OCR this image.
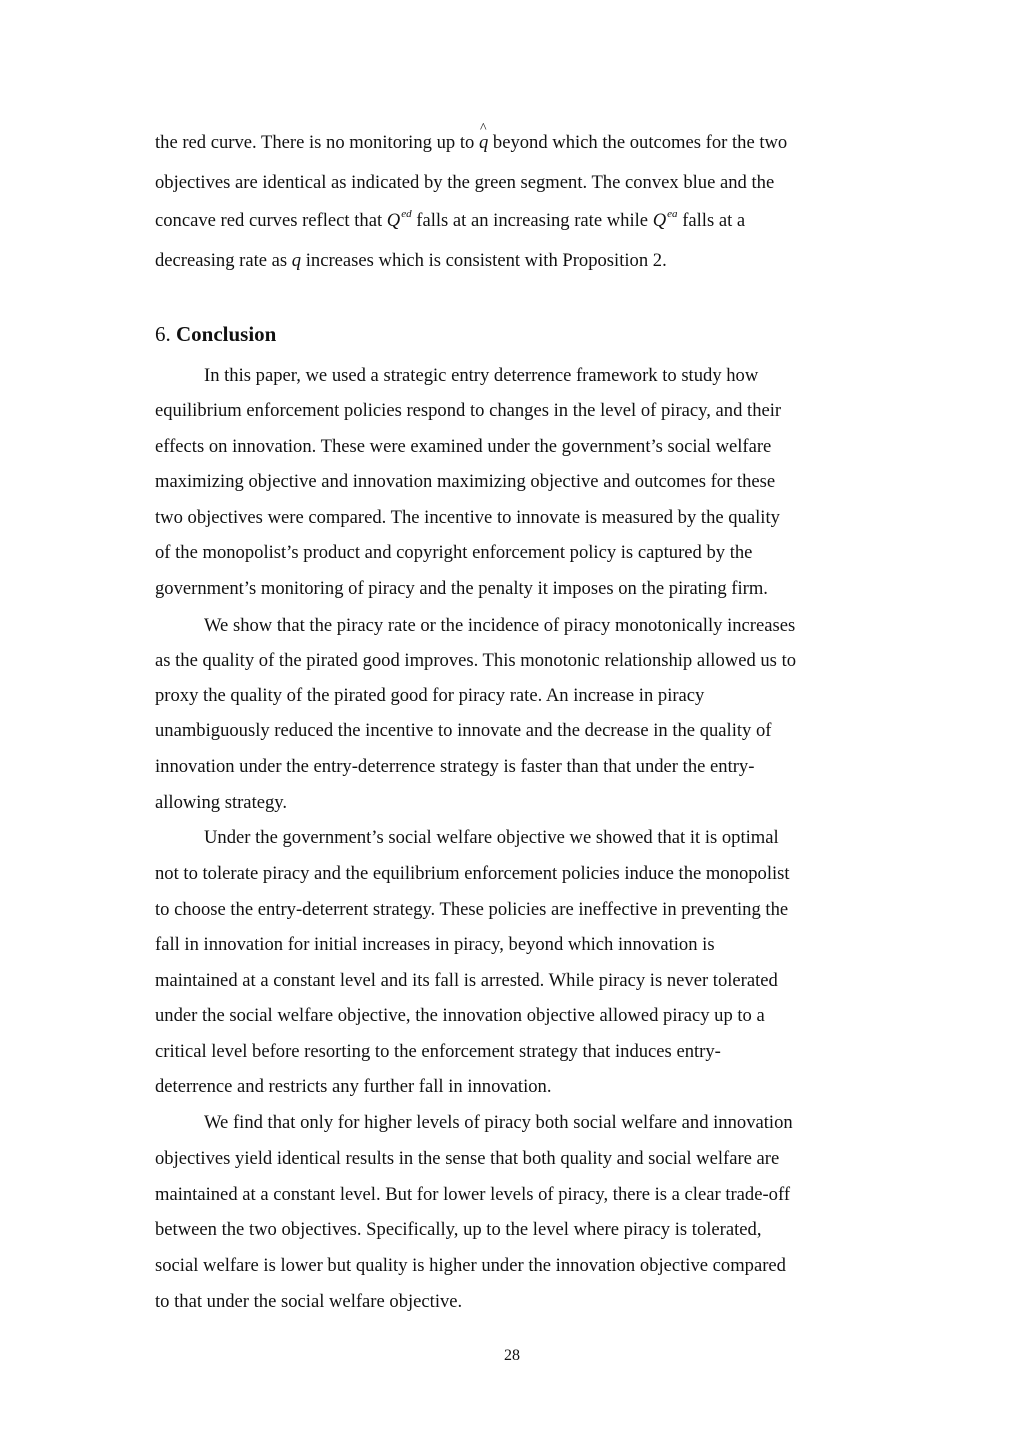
the red curve. There is no monitoring up to
^
q beyond which the outcomes for the two
objectives are identical as indicated by the green segment. The convex blue and the
concave red curves reflect that $Q^{ed}$ falls at an increasing rate while $Q^{ea}$ falls at a
decreasing rate as q increases which is consistent with Proposition 2.
6. Conclusion
In this paper, we used a strategic entry deterrence framework to study how
equilibrium enforcement policies respond to changes in the level of piracy, and their
effects on innovation. These were examined under the government’s social welfare
maximizing objective and innovation maximizing objective and outcomes for these
two objectives were compared. The incentive to innovate is measured by the quality
of the monopolist’s product and copyright enforcement policy is captured by the
government’s monitoring of piracy and the penalty it imposes on the pirating firm.
We show that the piracy rate or the incidence of piracy monotonically increases
as the quality of the pirated good improves. This monotonic relationship allowed us to
proxy the quality of the pirated good for piracy rate. An increase in piracy
unambiguously reduced the incentive to innovate and the decrease in the quality of
innovation under the entry-deterrence strategy is faster than that under the entry-
allowing strategy.
Under the government’s social welfare objective we showed that it is optimal
not to tolerate piracy and the equilibrium enforcement policies induce the monopolist
to choose the entry-deterrent strategy. These policies are ineffective in preventing the
fall in innovation for initial increases in piracy, beyond which innovation is
maintained at a constant level and its fall is arrested. While piracy is never tolerated
under the social welfare objective, the innovation objective allowed piracy up to a
critical level before resorting to the enforcement strategy that induces entry-
deterrence and restricts any further fall in innovation.
We find that only for higher levels of piracy both social welfare and innovation
objectives yield identical results in the sense that both quality and social welfare are
maintained at a constant level. But for lower levels of piracy, there is a clear trade-off
between the two objectives. Specifically, up to the level where piracy is tolerated,
social welfare is lower but quality is higher under the innovation objective compared
to that under the social welfare objective.
28
